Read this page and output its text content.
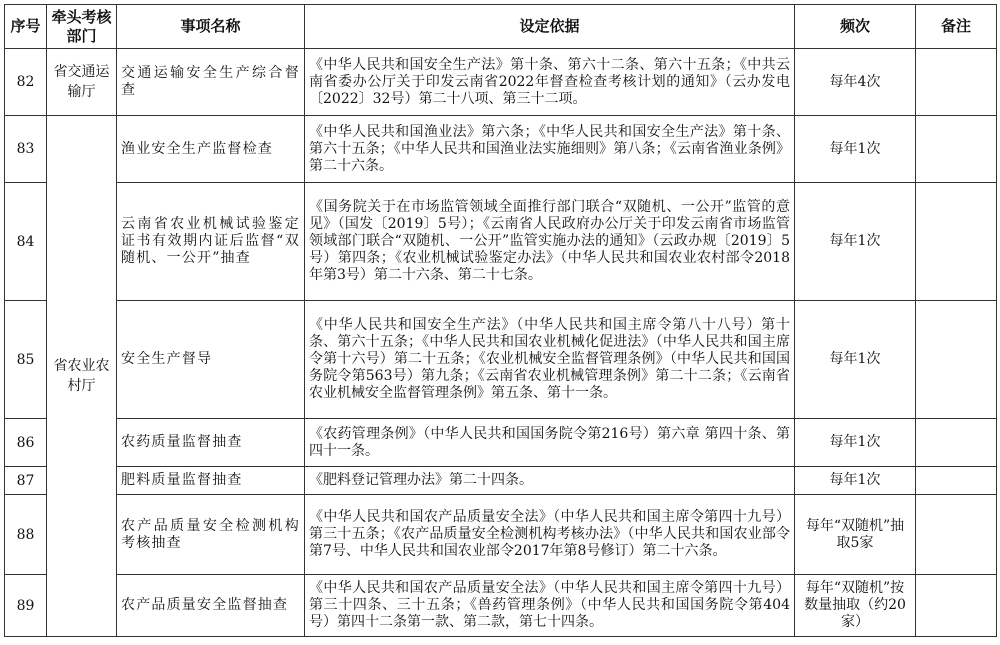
序号	牵头考核部门	事项名称	设定依据	频次	备注
82	省交通运输厅	交通运输安全生产综合督查	《中华人民共和国安全生产法》第十条、第六十二条、第六十五条；《中共云南省委办公厅关于印发云南省2022年督查检查考核计划的通知》（云办发电〔2022〕32号）第二十八项、第三十二项。	每年4次	
83	省农业农村厅	渔业安全生产监督检查	《中华人民共和国渔业法》第六条；《中华人民共和国安全生产法》第十条、第六十五条；《中华人民共和国渔业法实施细则》第八条；《云南省渔业条例》第二十六条。	每年1次	
84		云南省农业机械试验鉴定证书有效期内证后监督“双随机、一公开”抽查	《国务院关于在市场监管领域全面推行部门联合“双随机、一公开”监管的意见》（国发〔2019〕5号）；《云南省人民政府办公厅关于印发云南省市场监管领域部门联合“双随机、一公开”监管实施办法的通知》（云政办规〔2019〕5号）第四条；《农业机械试验鉴定办法》（中华人民共和国农业农村部令2018年第3号）第二十六条、第二十七条。	每年1次	
85		安全生产督导	《中华人民共和国安全生产法》（中华人民共和国主席令第八十八号）第十条、第六十五条；《中华人民共和国农业机械化促进法》（中华人民共和国主席令第十六号）第二十五条；《农业机械安全监督管理条例》（中华人民共和国国务院令第563号）第九条；《云南省农业机械管理条例》第二十二条；《云南省农业机械安全监督管理条例》第五条、第十一条。	每年1次	
86		农药质量监督抽查	《农药管理条例》（中华人民共和国国务院令第216号）第六章 第四十条、第四十一条。	每年1次	
87		肥料质量监督抽查	《肥料登记管理办法》第二十四条。	每年1次	
88		农产品质量安全检测机构考核抽查	《中华人民共和国农产品质量安全法》（中华人民共和国主席令第四十九号）第三十五条；《农产品质量安全检测机构考核办法》（中华人民共和国农业部令第7号、中华人民共和国农业部令2017年第8号修订）第二十六条。	每年“双随机”抽取5家	
89		农产品质量安全监督抽查	《中华人民共和国农产品质量安全法》（中华人民共和国主席令第四十九号）第三十四条、三十五条；《兽药管理条例》（中华人民共和国国务院令第404号）第四十二条第一款、第二款，第七十四条。	每年“双随机”按数量抽取（约20家）	
